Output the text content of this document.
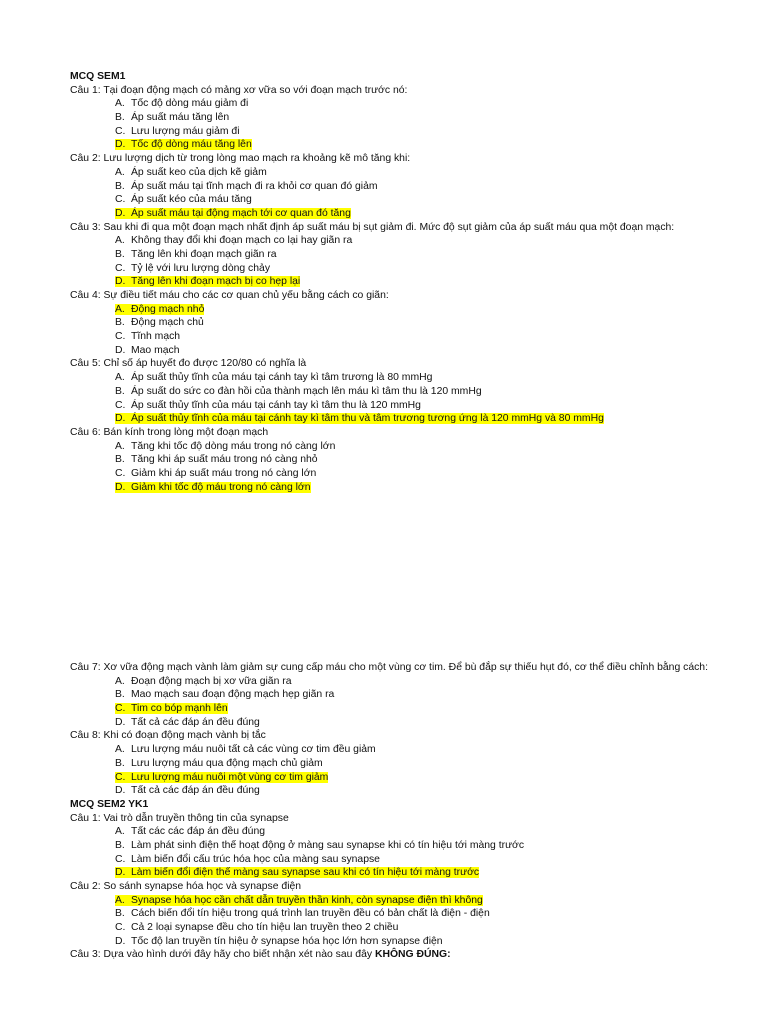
MCQ SEM1
Câu 1: Tại đoạn động mạch có mảng xơ vữa so với đoạn mạch trước nó:
A. Tốc độ dòng máu giảm đi
B. Áp suất máu tăng lên
C. Lưu lượng máu giảm đi
D. Tốc độ dòng máu tăng lên
Câu 2: Lưu lượng dịch từ trong lòng mao mạch ra khoảng kẽ mô tăng khi:
A. Áp suất keo của dịch kẽ giảm
B. Áp suất máu tại tĩnh mạch đi ra khỏi cơ quan đó giảm
C. Áp suất kéo của máu tăng
D. Áp suất máu tại động mạch tới cơ quan đó tăng
Câu 3: Sau khi đi qua một đoạn mạch nhất định áp suất máu bị sụt giảm đi. Mức độ sụt giảm của áp suất máu qua một đoạn mạch:
A. Không thay đổi khi đoạn mạch co lại hay giãn ra
B. Tăng lên khi đoạn mạch giãn ra
C. Tỷ lệ với lưu lượng dòng chảy
D. Tăng lên khi đoạn mạch bị co hẹp lại
Câu 4: Sự điều tiết máu cho các cơ quan chủ yếu bằng cách co giãn:
A. Động mạch nhỏ
B. Động mạch chủ
C. Tĩnh mạch
D. Mao mạch
Câu 5: Chỉ số áp huyết đo được 120/80 có nghĩa là
A. Áp suất thủy tĩnh của máu tại cánh tay kì tâm trương là 80 mmHg
B. Áp suất do sức co đàn hồi của thành mạch lên máu kì tâm thu là 120 mmHg
C. Áp suất thủy tĩnh của máu tại cánh tay kì tâm thu là 120 mmHg
D. Áp suất thủy tĩnh của máu tại cánh tay kì tâm thu và tâm trương tương ứng là 120 mmHg và 80 mmHg
Câu 6: Bán kính trong lòng một đoạn mạch
A. Tăng khi tốc độ dòng máu trong nó càng lớn
B. Tăng khi áp suất máu trong nó càng nhỏ
C. Giảm khi áp suất máu trong nó càng lớn
D. Giảm khi tốc độ máu trong nó càng lớn
Câu 7: Xơ vữa động mạch vành làm giảm sự cung cấp máu cho một vùng cơ tim. Để bù đắp sự thiếu hụt đó, cơ thể điều chỉnh bằng cách:
A. Đoạn động mạch bị xơ vữa giãn ra
B. Mao mạch sau đoạn động mạch hẹp giãn ra
C. Tim co bóp mạnh lên
D. Tất cả các đáp án đều đúng
Câu 8: Khi có đoạn động mạch vành bị tắc
A. Lưu lượng máu nuôi tất cả các vùng cơ tim đều giảm
B. Lưu lượng máu qua động mạch chủ giảm
C. Lưu lượng máu nuôi một vùng cơ tim giảm
D. Tất cả các đáp án đều đúng
MCQ SEM2 YK1
Câu 1: Vai trò dẫn truyền thông tin của synapse
A. Tất các các đáp án đều đúng
B. Làm phát sinh điện thế hoạt động ở màng sau synapse khi có tín hiệu tới màng trước
C. Làm biến đổi cấu trúc hóa học của màng sau synapse
D. Làm biến đổi điện thế màng sau synapse sau khi có tín hiệu tới màng trước
Câu 2: So sánh synapse hóa học và synapse điện
A. Synapse hóa học cần chất dẫn truyền thần kinh, còn synapse điện thì không
B. Cách biến đổi tín hiệu trong quá trình lan truyền đều có bản chất là điện - điện
C. Cả 2 loại synapse đều cho tín hiệu lan truyền theo 2 chiều
D. Tốc độ lan truyền tín hiệu ở synapse hóa học lớn hơn synapse điện
Câu 3: Dựa vào hình dưới đây hãy cho biết nhận xét nào sau đây KHÔNG ĐÚNG:
